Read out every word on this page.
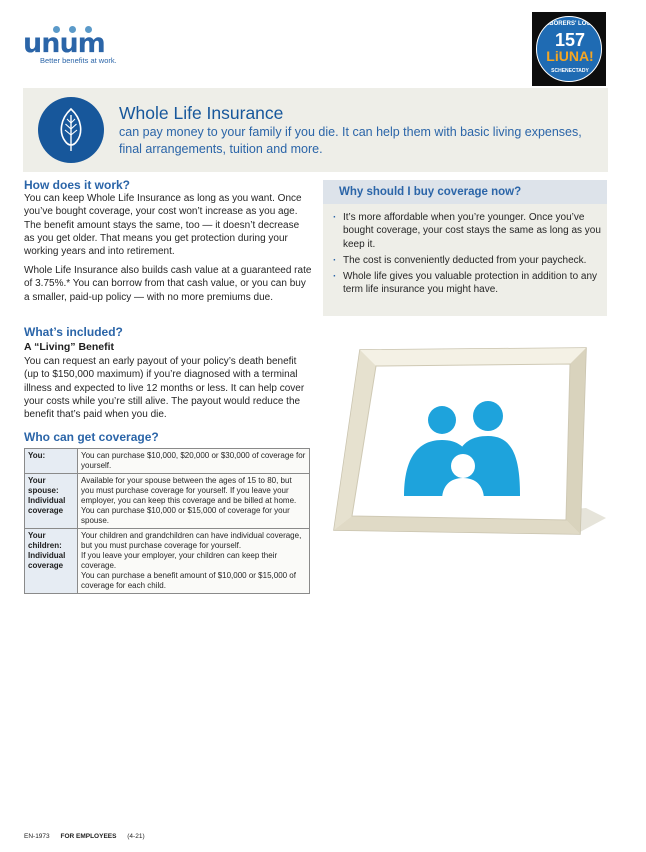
unum
Better benefits at work.
LABORERS' LOCAL
157
LiUNA!
SCHENECTADY
Whole Life Insurance
can pay money to your family if you die. It can help them with basic living expenses, final arrangements, tuition and more.
How does it work?

You can keep Whole Life Insurance as long as you want. Once you’ve bought coverage, your cost won’t increase as you age. The benefit amount stays the same, too — it doesn’t decrease as you get older. That means you get protection during your working years and into retirement.

Whole Life Insurance also builds cash value at a guaranteed rate of 3.75%.* You can borrow from that cash value, or you can buy a smaller, paid-up policy — with no more premiums due.

What’s included?
A “Living” Benefit

You can request an early payout of your policy’s death benefit (up to $150,000 maximum) if you’re diagnosed with a terminal illness and expected to live 12 months or less. It can help cover your costs while you’re still alive. The payout would reduce the benefit that’s paid when you die.

Who can get coverage?
You:	You can purchase $10,000, $20,000 or $30,000 of coverage for yourself.

Your spouse: Individual coverage	Available for your spouse between the ages of 15 to 80, but you must purchase coverage for yourself. If you leave your employer, you can keep this coverage and be billed at home.
You can purchase $10,000 or $15,000 of coverage for your spouse.

Your children: Individual coverage	Your children and grandchildren can have individual coverage, but you must purchase coverage for yourself.
If you leave your employer, your children can keep their coverage.
You can purchase a benefit amount of $10,000 or $15,000 of coverage for each child.
Why should I buy coverage now?
· It’s more affordable when you’re younger. Once you’ve bought coverage, your cost stays the same as long as you keep it.
· The cost is conveniently deducted from your paycheck.
· Whole life gives you valuable protection in addition to any term life insurance you might have.
EN-1973 FOR EMPLOYEES (4-21)
